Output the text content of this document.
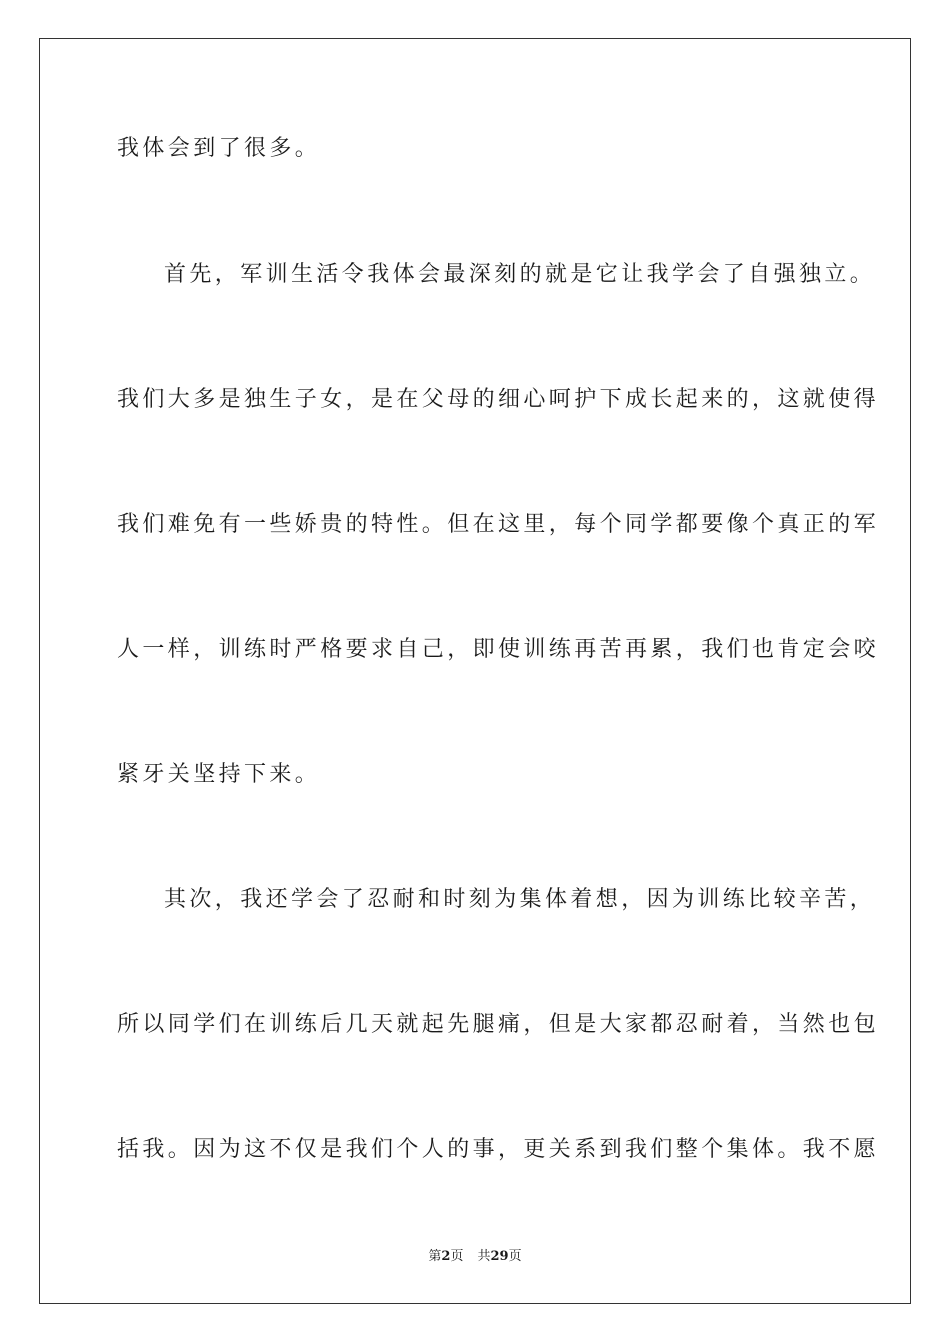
我体会到了很多。
首先，军训生活令我体会最深刻的就是它让我学会了自强独立。
我们大多是独生子女，是在父母的细心呵护下成长起来的，这就使得
我们难免有一些娇贵的特性。但在这里，每个同学都要像个真正的军
人一样，训练时严格要求自己，即使训练再苦再累，我们也肯定会咬
紧牙关坚持下来。
其次，我还学会了忍耐和时刻为集体着想，因为训练比较辛苦，
所以同学们在训练后几天就起先腿痛，但是大家都忍耐着，当然也包
括我。因为这不仅是我们个人的事，更关系到我们整个集体。我不愿
第2页 共29页
